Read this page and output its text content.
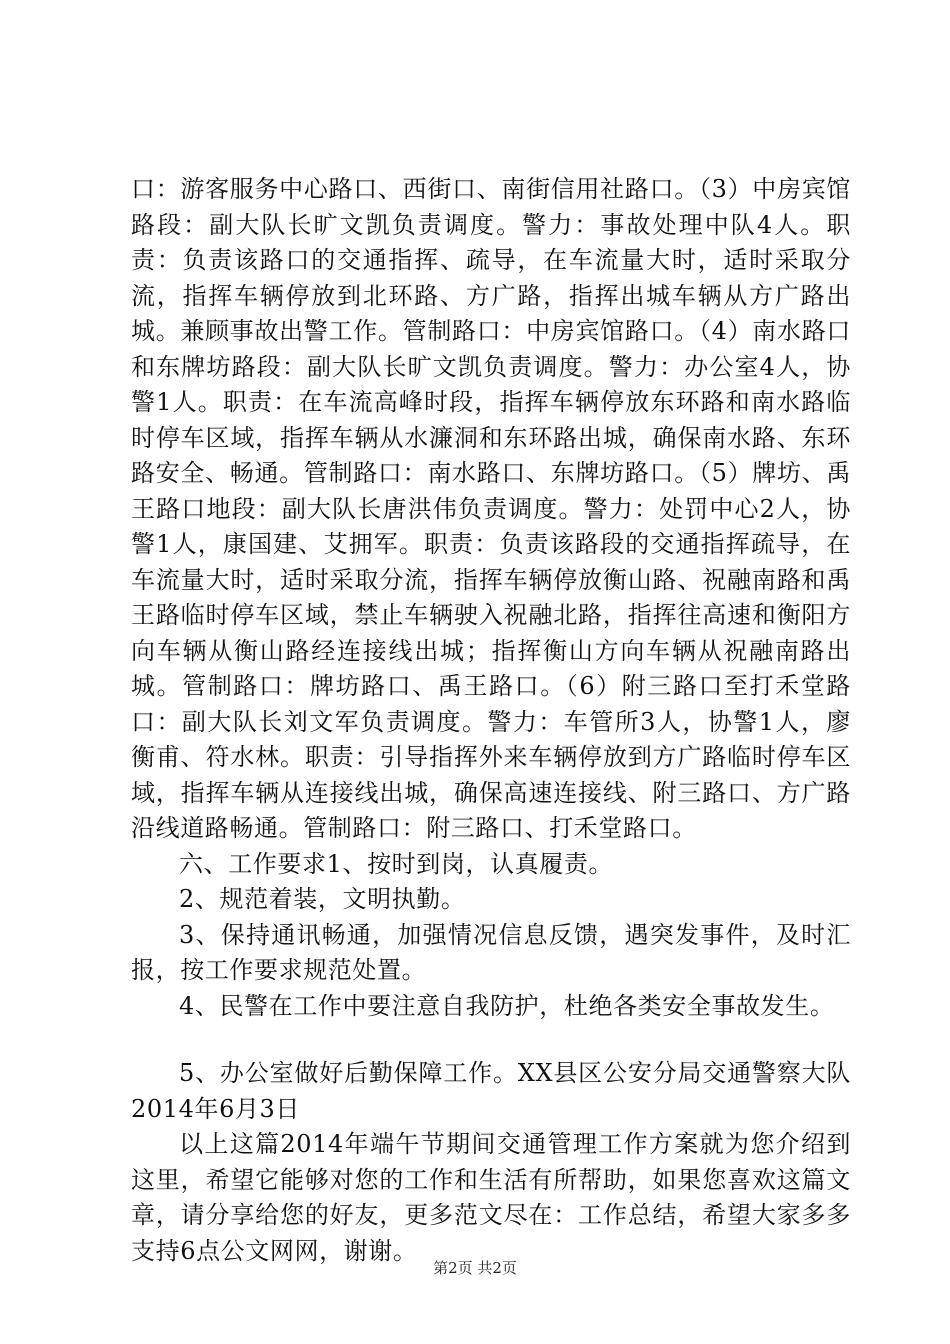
口：游客服务中心路口、西街口、南街信用社路口。（3）中房宾馆路段：副大队长旷文凯负责调度。警力：事故处理中队4人。职责：负责该路口的交通指挥、疏导，在车流量大时，适时采取分流，指挥车辆停放到北环路、方广路，指挥出城车辆从方广路出城。兼顾事故出警工作。管制路口：中房宾馆路口。（4）南水路口和东牌坊路段：副大队长旷文凯负责调度。警力：办公室4人，协警1人。职责：在车流高峰时段，指挥车辆停放东环路和南水路临时停车区域，指挥车辆从水濂洞和东环路出城，确保南水路、东环路安全、畅通。管制路口：南水路口、东牌坊路口。（5）牌坊、禹王路口地段：副大队长唐洪伟负责调度。警力：处罚中心2人，协警1人，康国建、艾拥军。职责：负责该路段的交通指挥疏导，在车流量大时，适时采取分流，指挥车辆停放衡山路、祝融南路和禹王路临时停车区域，禁止车辆驶入祝融北路，指挥往高速和衡阳方向车辆从衡山路经连接线出城；指挥衡山方向车辆从祝融南路出城。管制路口：牌坊路口、禹王路口。（6）附三路口至打禾堂路口：副大队长刘文军负责调度。警力：车管所3人，协警1人，廖衡甫、符水林。职责：引导指挥外来车辆停放到方广路临时停车区域，指挥车辆从连接线出城，确保高速连接线、附三路口、方广路沿线道路畅通。管制路口：附三路口、打禾堂路口。

六、工作要求1、按时到岗，认真履责。

2、规范着装，文明执勤。

3、保持通讯畅通，加强情况信息反馈，遇突发事件，及时汇报，按工作要求规范处置。

4、民警在工作中要注意自我防护，杜绝各类安全事故发生。

5、办公室做好后勤保障工作。XX县区公安分局交通警察大队2014年6月3日

以上这篇2014年端午节期间交通管理工作方案就为您介绍到这里，希望它能够对您的工作和生活有所帮助，如果您喜欢这篇文章，请分享给您的好友，更多范文尽在：工作总结，希望大家多多支持6点公文网网，谢谢。

第2页 共2页
